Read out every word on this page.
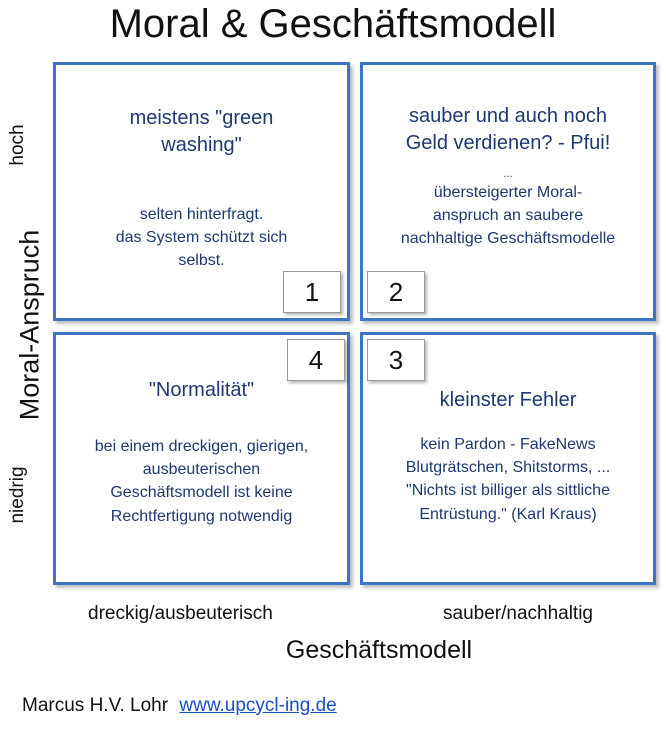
Moral & Geschäftsmodell
hoch
Moral-Anspruch
niedrig
meistens "green
washing"
selten hinterfragt.
das System schützt sich
selbst.
1
sauber und auch noch
Geld verdienen? - Pfui!
...
übersteigerter Moral-
anspruch an saubere
nachhaltige Geschäftsmodelle
2
4
"Normalität"
bei einem dreckigen, gierigen,
ausbeuterischen
Geschäftsmodell ist keine
Rechtfertigung notwendig
3
kleinster Fehler
kein Pardon - FakeNews
Blutgrätschen, Shitstorms, ...
"Nichts ist billiger als sittliche
Entrüstung." (Karl Kraus)
dreckig/ausbeuterisch	sauber/nachhaltig
Geschäftsmodell
Marcus H.V. Lohr www.upcycl-ing.de
